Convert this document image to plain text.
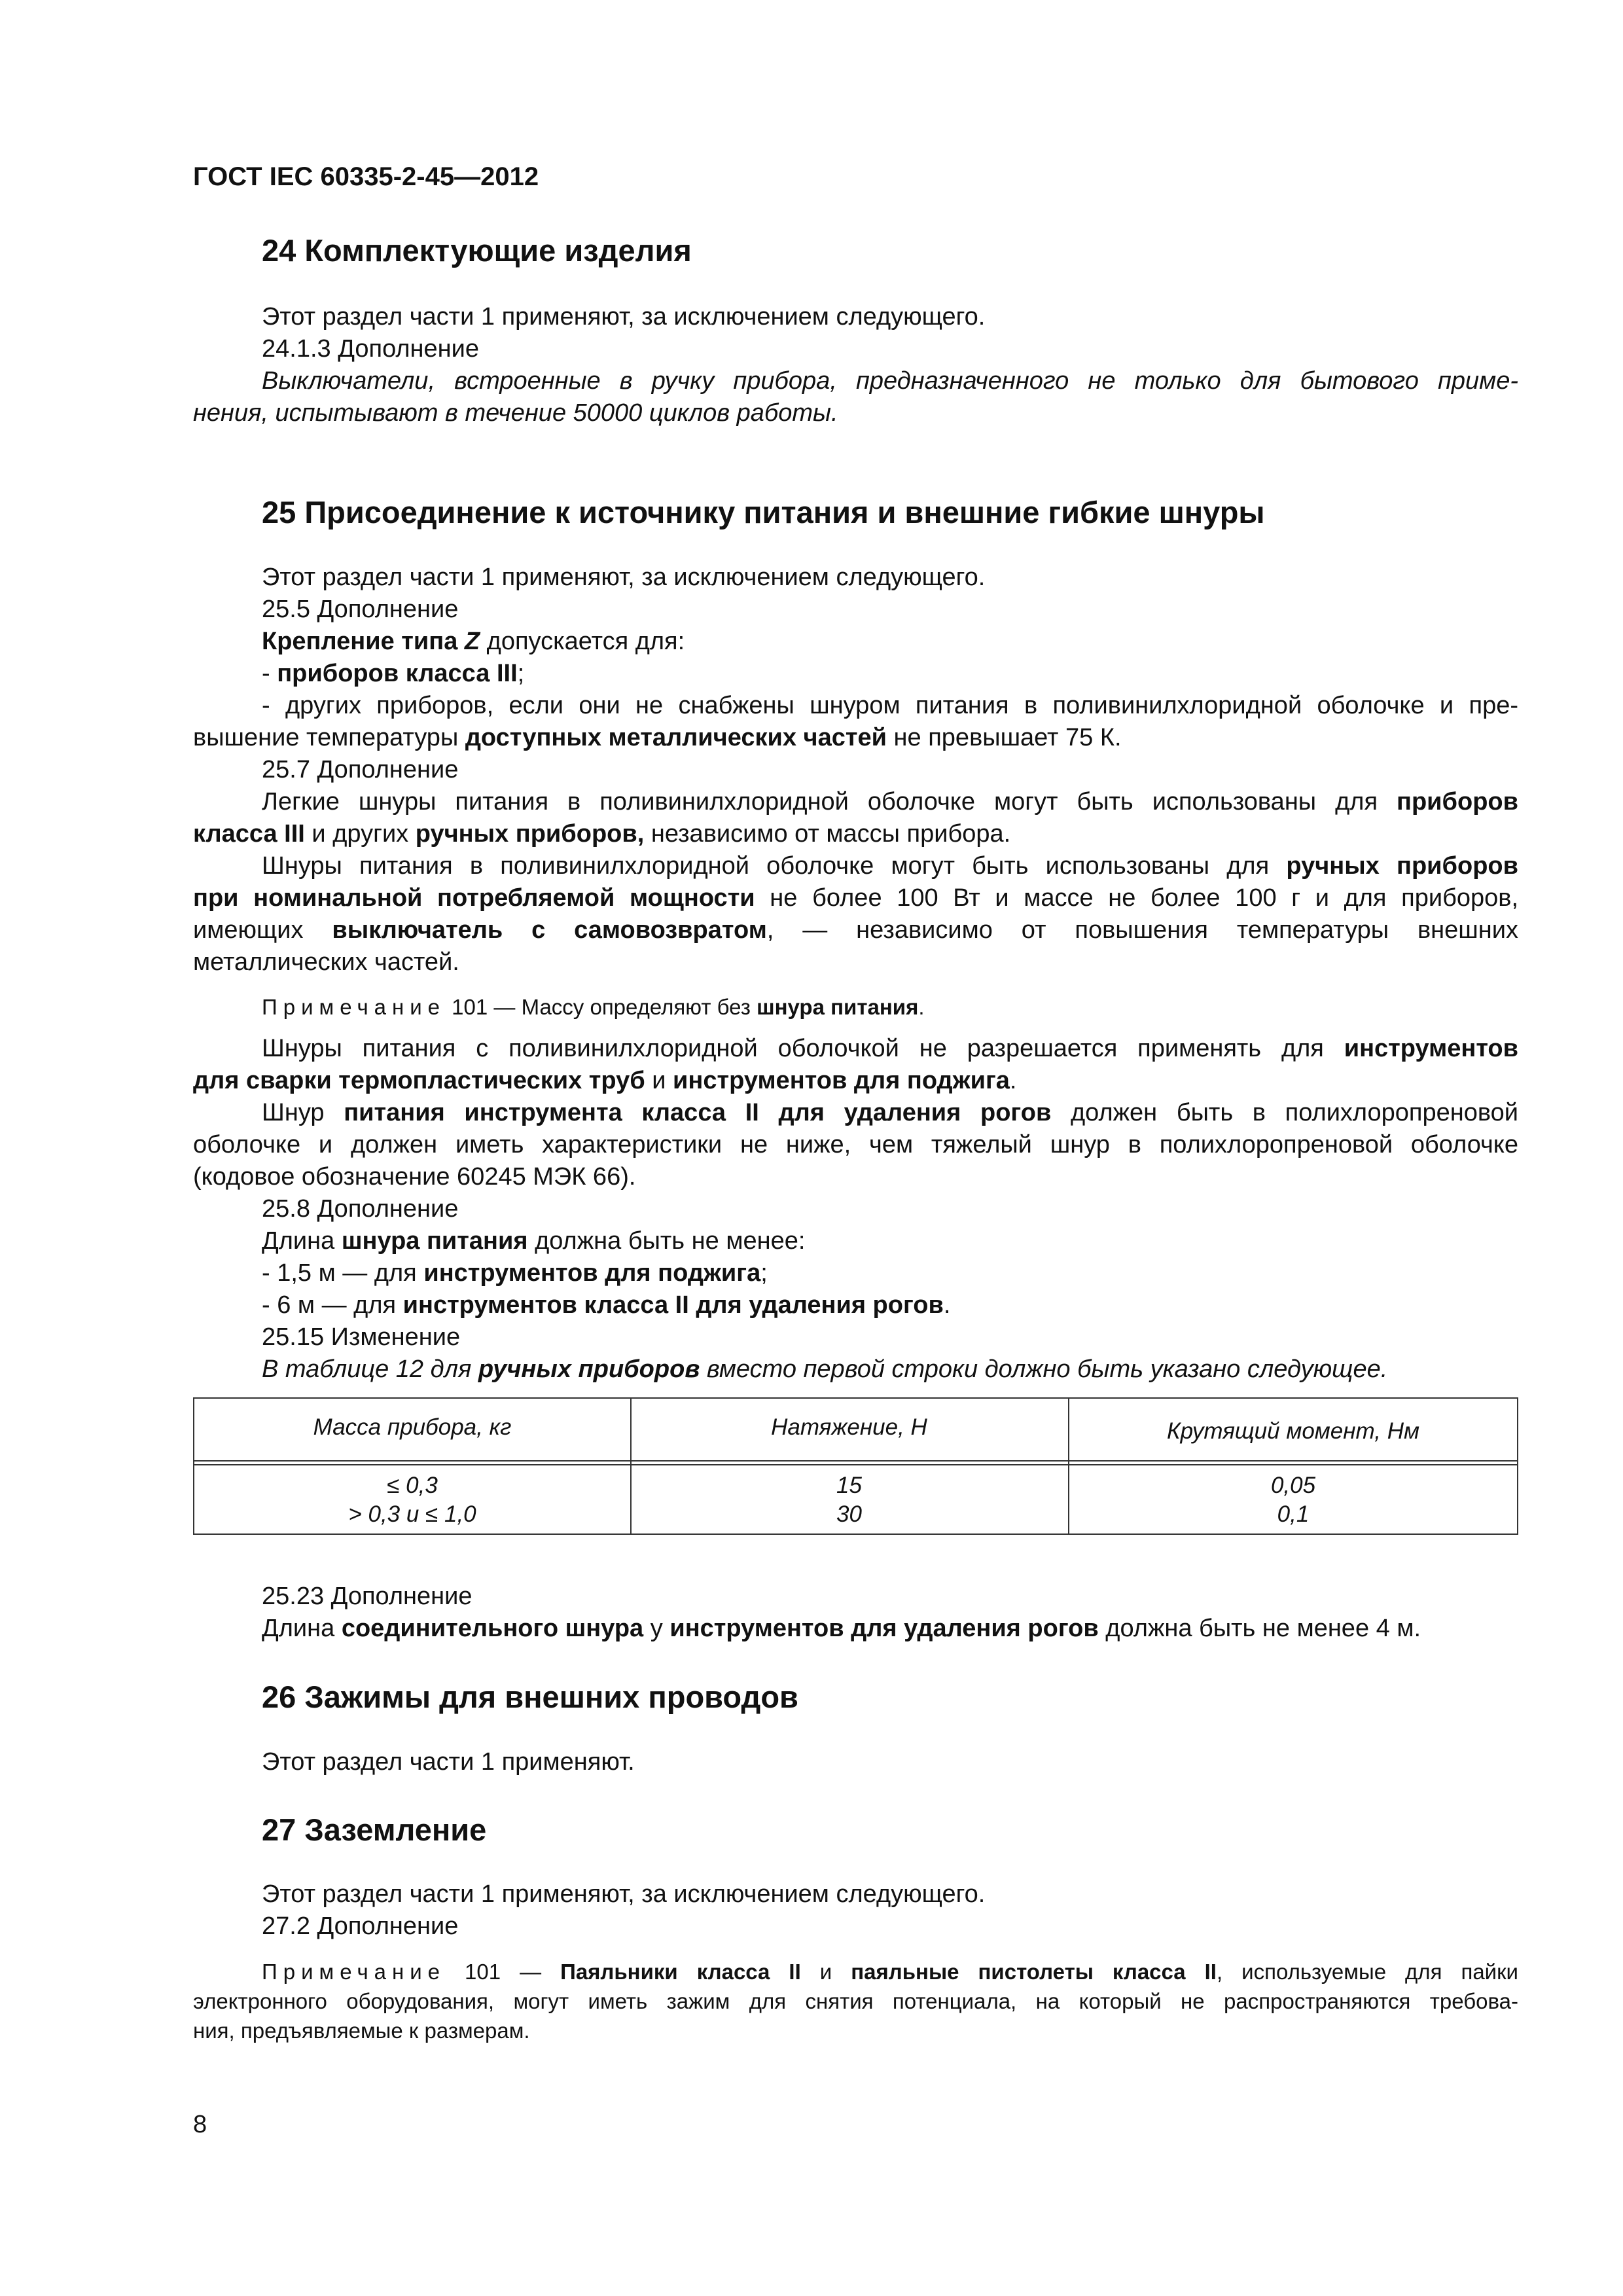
ГОСТ IEC 60335-2-45—2012
24 Комплектующие изделия
Этот раздел части 1 применяют, за исключением следующего.
24.1.3 Дополнение
Выключатели, встроенные в ручку прибора, предназначенного не только для бытового приме-
нения, испытывают в течение 50000 циклов работы.
25 Присоединение к источнику питания и внешние гибкие шнуры
Этот раздел части 1 применяют, за исключением следующего.
25.5 Дополнение
Крепление типа Z допускается для:
- приборов класса III;
- других приборов, если они не снабжены шнуром питания в поливинилхлоридной оболочке и пре-
вышение температуры доступных металлических частей не превышает 75 К.
25.7 Дополнение
Легкие шнуры питания в поливинилхлоридной оболочке могут быть использованы для приборов
класса III и других ручных приборов, независимо от массы прибора.
Шнуры питания в поливинилхлоридной оболочке могут быть использованы для ручных приборов
при номинальной потребляемой мощности не более 100 Вт и массе не более 100 г и для приборов,
имеющих выключатель с самовозвратом, — независимо от повышения температуры внешних
металлических частей.
Примечание 101 — Массу определяют без шнура питания.
Шнуры питания с поливинилхлоридной оболочкой не разрешается применять для инструментов
для сварки термопластических труб и инструментов для поджига.
Шнур питания инструмента класса II для удаления рогов должен быть в полихлоропреновой
оболочке и должен иметь характеристики не ниже, чем тяжелый шнур в полихлоропреновой оболочке
(кодовое обозначение 60245 МЭК 66).
25.8 Дополнение
Длина шнура питания должна быть не менее:
- 1,5 м — для инструментов для поджига;
- 6 м — для инструментов класса II для удаления рогов.
25.15 Изменение
В таблице 12 для ручных приборов вместо первой строки должно быть указано следующее.
Масса прибора, кг	Натяжение, Н	Крутящий момент, Нм
≤ 0,3	15	0,05
> 0,3 и ≤ 1,0	30	0,1
25.23 Дополнение
Длина соединительного шнура у инструментов для удаления рогов должна быть не менее 4 м.
26 Зажимы для внешних проводов
Этот раздел части 1 применяют.
27 Заземление
Этот раздел части 1 применяют, за исключением следующего.
27.2 Дополнение
Примечание 101 — Паяльники класса II и паяльные пистолеты класса II, используемые для пайки
электронного оборудования, могут иметь зажим для снятия потенциала, на который не распространяются требова-
ния, предъявляемые к размерам.
8
